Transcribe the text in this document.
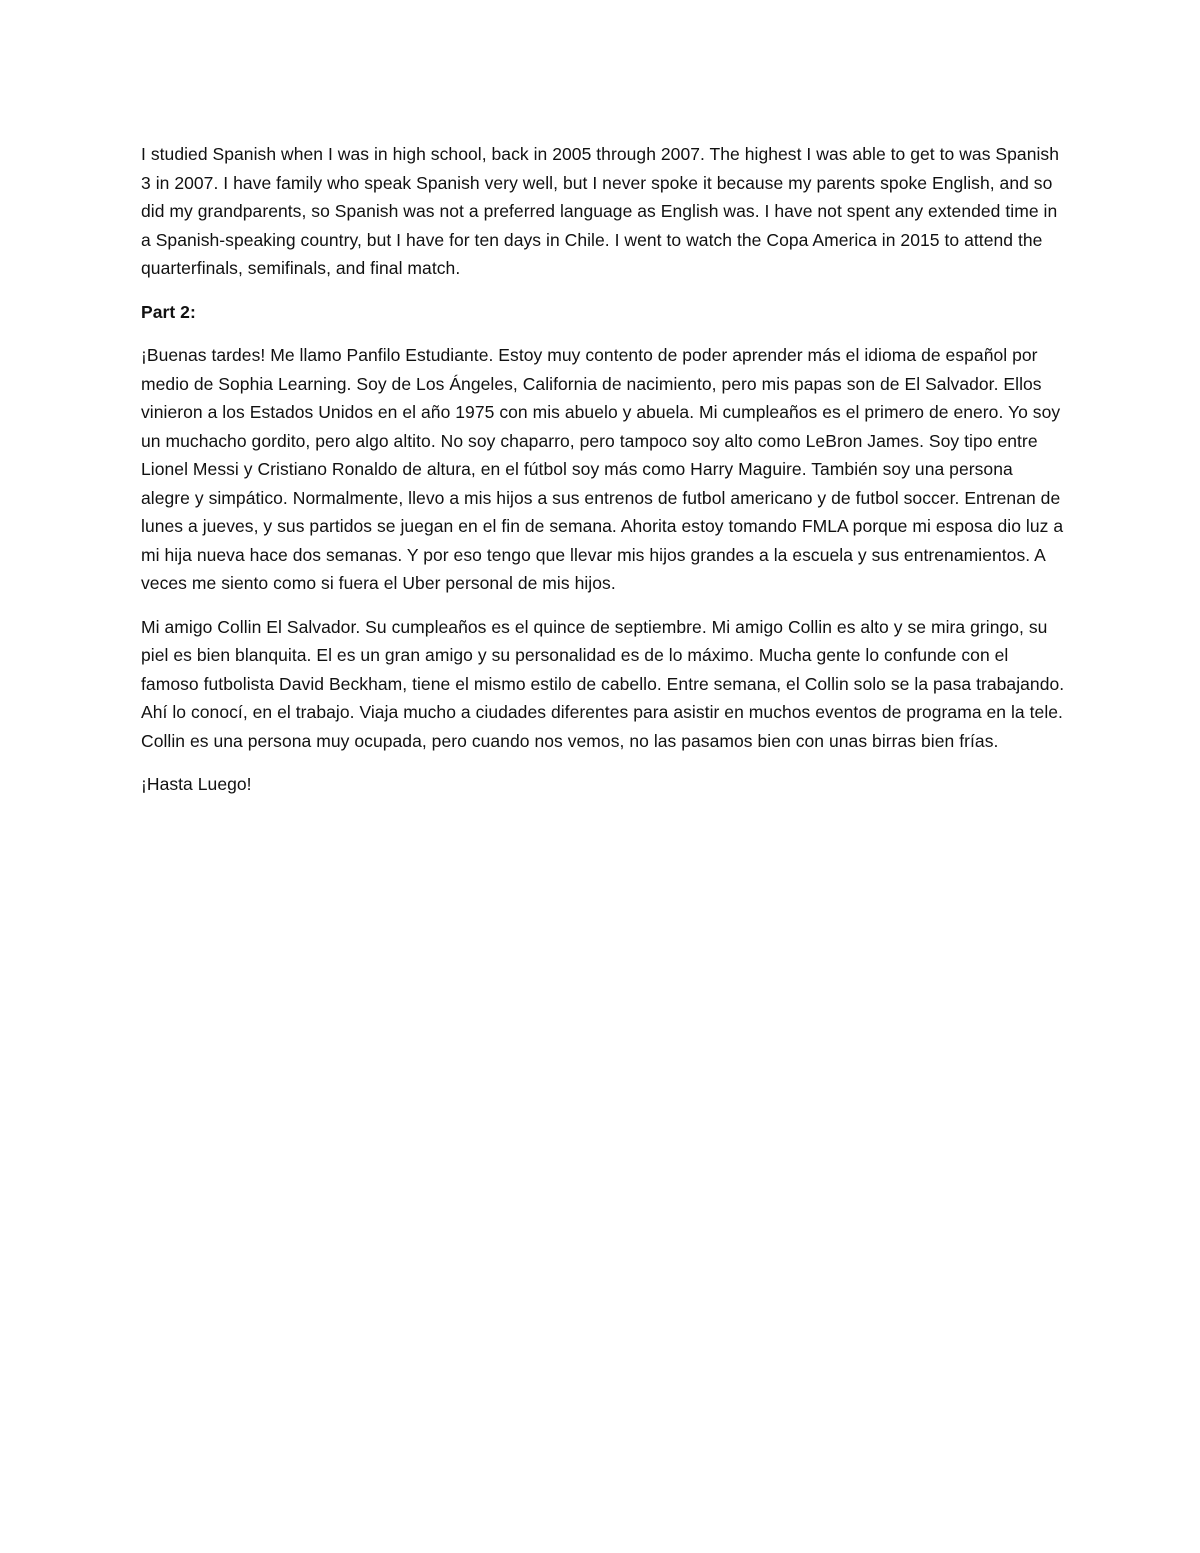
I studied Spanish when I was in high school, back in 2005 through 2007. The highest I was able to get to was Spanish 3 in 2007. I have family who speak Spanish very well, but I never spoke it because my parents spoke English, and so did my grandparents, so Spanish was not a preferred language as English was. I have not spent any extended time in a Spanish-speaking country, but I have for ten days in Chile. I went to watch the Copa America in 2015 to attend the quarterfinals, semifinals, and final match.

Part 2:

¡Buenas tardes! Me llamo Panfilo Estudiante. Estoy muy contento de poder aprender más el idioma de español por medio de Sophia Learning. Soy de Los Ángeles, California de nacimiento, pero mis papas son de El Salvador. Ellos vinieron a los Estados Unidos en el año 1975 con mis abuelo y abuela. Mi cumpleaños es el primero de enero. Yo soy un muchacho gordito, pero algo altito. No soy chaparro, pero tampoco soy alto como LeBron James. Soy tipo entre Lionel Messi y Cristiano Ronaldo de altura, en el fútbol soy más como Harry Maguire. También soy una persona alegre y simpático. Normalmente, llevo a mis hijos a sus entrenos de futbol americano y de futbol soccer. Entrenan de lunes a jueves, y sus partidos se juegan en el fin de semana. Ahorita estoy tomando FMLA porque mi esposa dio luz a mi hija nueva hace dos semanas. Y por eso tengo que llevar mis hijos grandes a la escuela y sus entrenamientos. A veces me siento como si fuera el Uber personal de mis hijos.

Mi amigo Collin El Salvador. Su cumpleaños es el quince de septiembre. Mi amigo Collin es alto y se mira gringo, su piel es bien blanquita. El es un gran amigo y su personalidad es de lo máximo. Mucha gente lo confunde con el famoso futbolista David Beckham, tiene el mismo estilo de cabello. Entre semana, el Collin solo se la pasa trabajando. Ahí lo conocí, en el trabajo. Viaja mucho a ciudades diferentes para asistir en muchos eventos de programa en la tele. Collin es una persona muy ocupada, pero cuando nos vemos, no las pasamos bien con unas birras bien frías.

¡Hasta Luego!
